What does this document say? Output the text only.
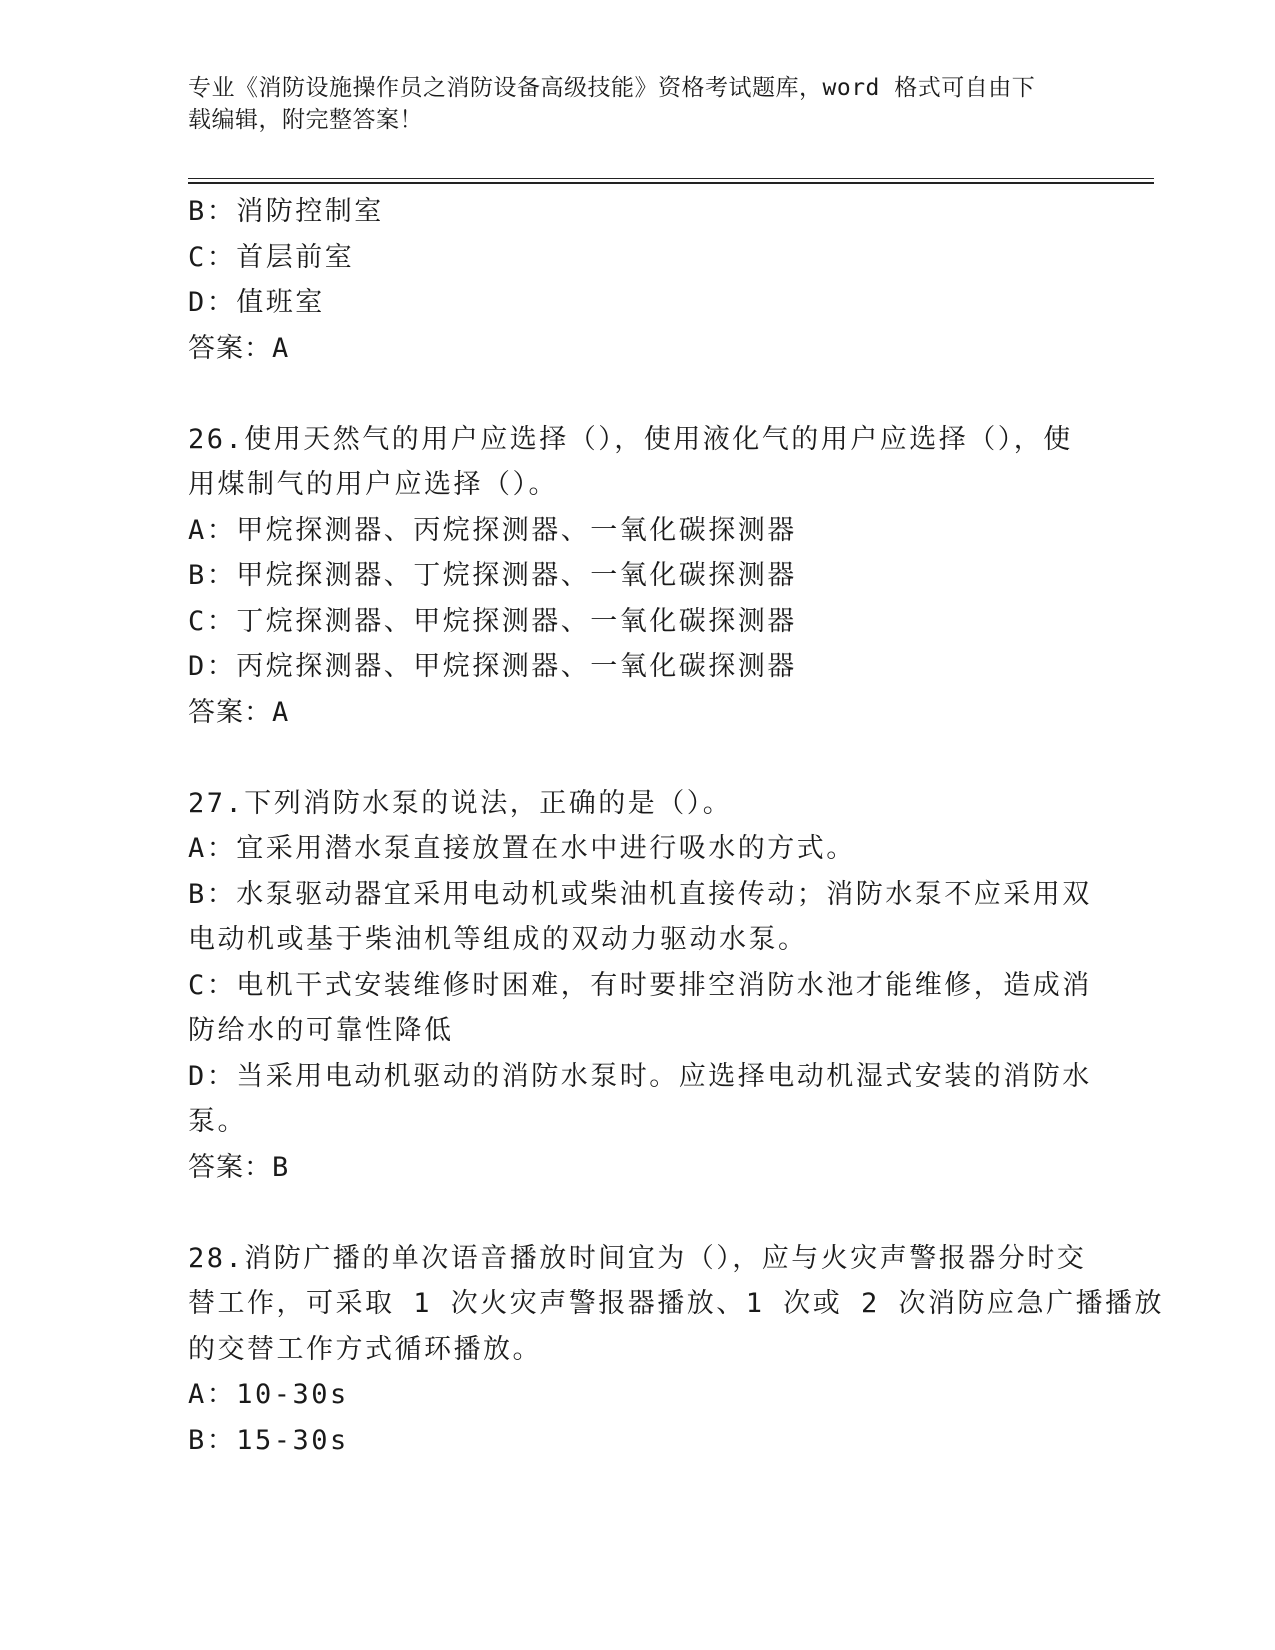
专业《消防设施操作员之消防设备高级技能》资格考试题库，word 格式可自由下
载编辑，附完整答案！
B：消防控制室
C：首层前室
D：值班室
答案：A
26.使用天然气的用户应选择（），使用液化气的用户应选择（），使
用煤制气的用户应选择（）。
A：甲烷探测器、丙烷探测器、一氧化碳探测器
B：甲烷探测器、丁烷探测器、一氧化碳探测器
C：丁烷探测器、甲烷探测器、一氧化碳探测器
D：丙烷探测器、甲烷探测器、一氧化碳探测器
答案：A
27.下列消防水泵的说法，正确的是（）。
A：宜采用潜水泵直接放置在水中进行吸水的方式。
B：水泵驱动器宜采用电动机或柴油机直接传动；消防水泵不应采用双
电动机或基于柴油机等组成的双动力驱动水泵。
C：电机干式安装维修时困难，有时要排空消防水池才能维修，造成消
防给水的可靠性降低
D：当采用电动机驱动的消防水泵时。应选择电动机湿式安装的消防水
泵。
答案：B
28.消防广播的单次语音播放时间宜为（），应与火灾声警报器分时交
替工作，可采取 1 次火灾声警报器播放、1 次或 2 次消防应急广播播放
的交替工作方式循环播放。
A：10-30s
B：15-30s
